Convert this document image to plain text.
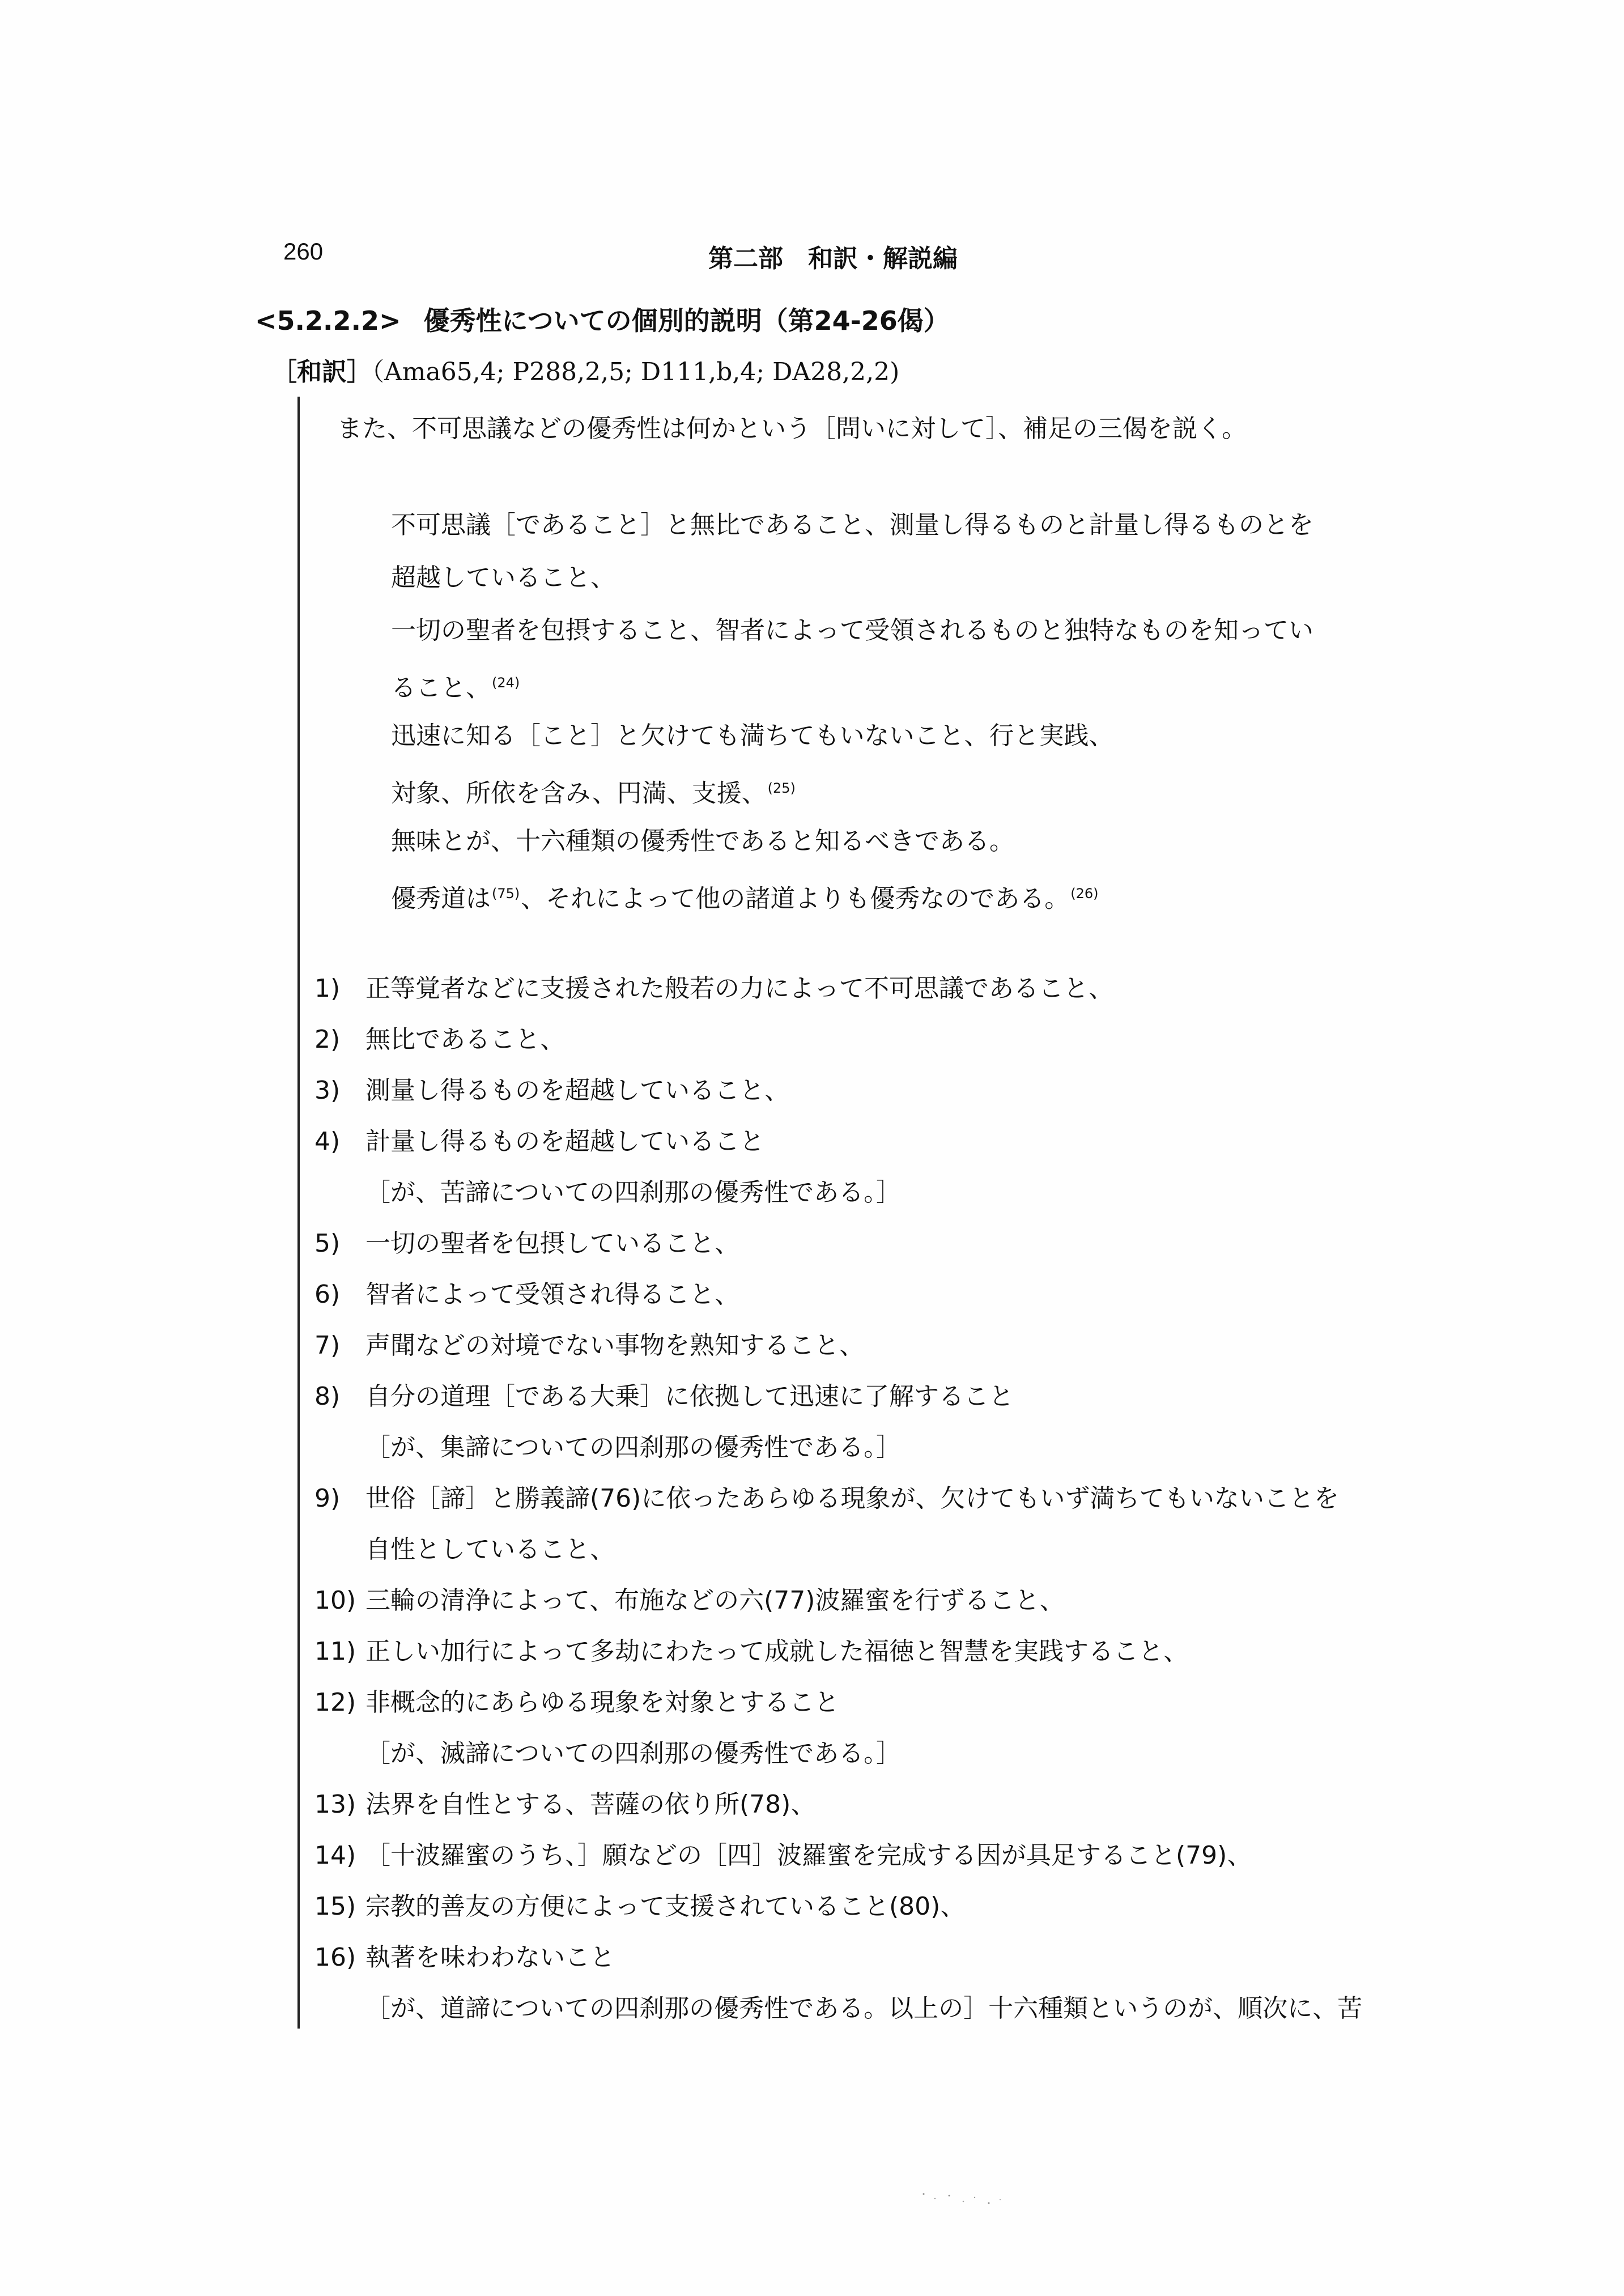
260	第二部　和訳・解説編
<5.2.2.2> 優秀性についての個別的説明（第24-26偈）
［和訳］（Ama65,4; P288,2,5; D111,b,4; DA28,2,2)
また、不可思議などの優秀性は何かという［問いに対して］、補足の三偈を説く。
不可思議［であること］と無比であること、測量し得るものと計量し得るものとを
超越していること、
一切の聖者を包摂すること、智者によって受領されるものと独特なものを知ってい
ること、$^{(24)}$
迅速に知る［こと］と欠けても満ちてもいないこと、行と実践、
対象、所依を含み、円満、支援、$^{(25)}$
無味とが、十六種類の優秀性であると知るべきである。
優秀道は$^{(75)}$、それによって他の諸道よりも優秀なのである。$^{(26)}$
1) 正等覚者などに支援された般若の力によって不可思議であること、
2) 無比であること、
3) 測量し得るものを超越していること、
4) 計量し得るものを超越していること
［が、苦諦についての四刹那の優秀性である。］
5) 一切の聖者を包摂していること、
6) 智者によって受領され得ること、
7) 声聞などの対境でない事物を熟知すること、
8) 自分の道理［である大乗］に依拠して迅速に了解すること
［が、集諦についての四刹那の優秀性である。］
9) 世俗［諦］と勝義諦(76)に依ったあらゆる現象が、欠けてもいず満ちてもいないことを
自性としていること、
10) 三輪の清浄によって、布施などの六(77)波羅蜜を行ずること、
11) 正しい加行によって多劫にわたって成就した福徳と智慧を実践すること、
12) 非概念的にあらゆる現象を対象とすること
［が、滅諦についての四刹那の優秀性である。］
13) 法界を自性とする、菩薩の依り所(78)、
14) ［十波羅蜜のうち、］願などの［四］波羅蜜を完成する因が具足すること(79)、
15) 宗教的善友の方便によって支援されていること(80)、
16) 執著を味わわないこと
［が、道諦についての四刹那の優秀性である。以上の］十六種類というのが、順次に、苦
